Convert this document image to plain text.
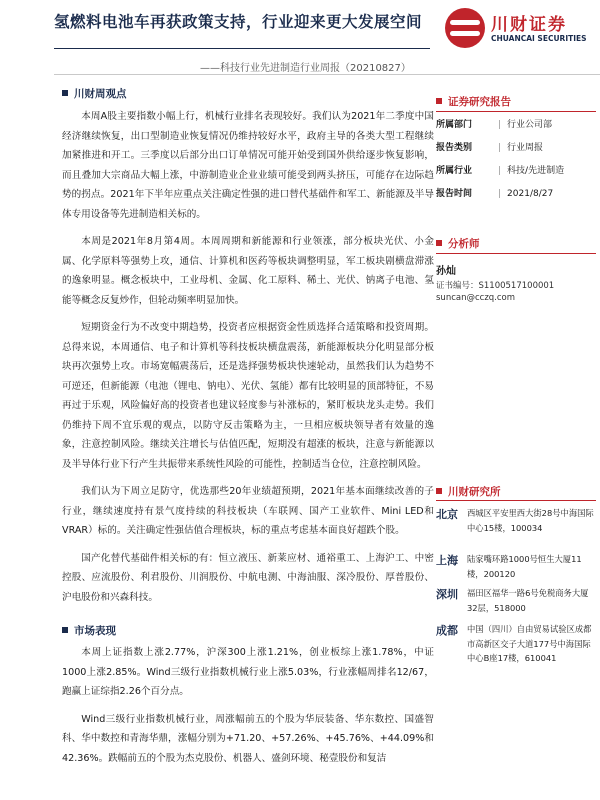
氢燃料电池车再获政策支持，行业迎来更大发展空间
——科技行业先进制造行业周报（20210827）
川财证券
CHUANCAI SECURITIES
川财周观点

本周A股主要指数小幅上行，机械行业排名表现较好。我们认为2021年二季度中国经济继续恢复，出口型制造业恢复情况仍维持较好水平，政府主导的各类大型工程继续加紧推进和开工。三季度以后部分出口订单情况可能开始受到国外供给逐步恢复影响，而且叠加大宗商品大幅上涨，中游制造业企业业绩可能受到两头挤压，可能存在边际趋势的拐点。2021年下半年应重点关注确定性强的进口替代基础件和军工、新能源及半导体专用设备等先进制造相关标的。

本周是2021年8月第4周。本周周期和新能源和行业领涨，部分板块光伏、小金属、化学原料等强势上攻，通信、计算机和医药等板块调整明显，军工板块剧横盘滞涨的逸象明显。概念板块中，工业母机、金属、化工原料、稀土、光伏、钠离子电池、氢能等概念反复炒作，但轮动频率明显加快。

短期资金行为不改变中期趋势，投资者应根据资金性质选择合适策略和投资周期。总得来说，本周通信、电子和计算机等科技板块横盘震荡，新能源板块分化明显部分板块再次强势上攻。市场宽幅震荡后，还是选择强势板块快速轮动，虽然我们认为趋势不可逆还，但新能源（电池（锂电、钠电）、光伏、氢能）都有比较明显的顶部特征，不易再过于乐观，风险偏好高的投资者也建议轻度参与补涨标的，紧盯板块龙头走势。我们仍维持下周不宜乐观的观点，以防守反击策略为主，一旦相应板块领导者有效量的逸象，注意控制风险。继续关注增长与估值匹配，短期没有超涨的板块，注意与新能源以及半导体行业下行产生共振带来系统性风险的可能性，控制适当仓位，注意控制风险。

我们认为下周立足防守，优选那些20年业绩超预期，2021年基本面继续改善的子行业，继续速度持有景气度持续的科技板块（车联网、国产工业软件、Mini LED和VRAR）标的。关注确定性强估值合理板块，标的重点考虑基本面良好超跌个股。

国产化替代基础件相关标的有：恒立液压、新莱应材、通裕重工、上海沪工、中密控股、应流股份、利君股份、川润股份、中航电测、中海油服、深冷股份、厚普股份、沪电股份和兴森科技。

市场表现

本周上证指数上涨2.77%，沪深300上涨1.21%，创业板综上涨1.78%，中证1000上涨2.85%。Wind三级行业指数机械行业上涨5.03%，行业涨幅周排名12/67，跑赢上证综指2.26个百分点。

Wind三级行业指数机械行业，周涨幅前五的个股为华辰装备、华东数控、国盛智科、华中数控和青海华鼎，涨幅分别为+71.20、+57.26%、+45.76%、+44.09%和42.36%。跌幅前五的个股为杰克股份、机器人、盛剑环境、秘壹股份和复洁

证券研究报告
所属部门	| 行业公司部
报告类别	| 行业周报
所属行业	| 科技/先进制造
报告时间	| 2021/8/27
分析师
孙灿
证书编号：S1100517100001
suncan@cczq.com
川财研究所
北京 西城区平安里西大街28号中海国际中心15楼，100034
上海 陆家嘴环路1000号恒生大厦11楼，200120
深圳 福田区福华一路6号免税商务大厦32层，518000
成都 中国（四川）自由贸易试验区成都市高新区交子大道177号中海国际中心B座17楼，610041
